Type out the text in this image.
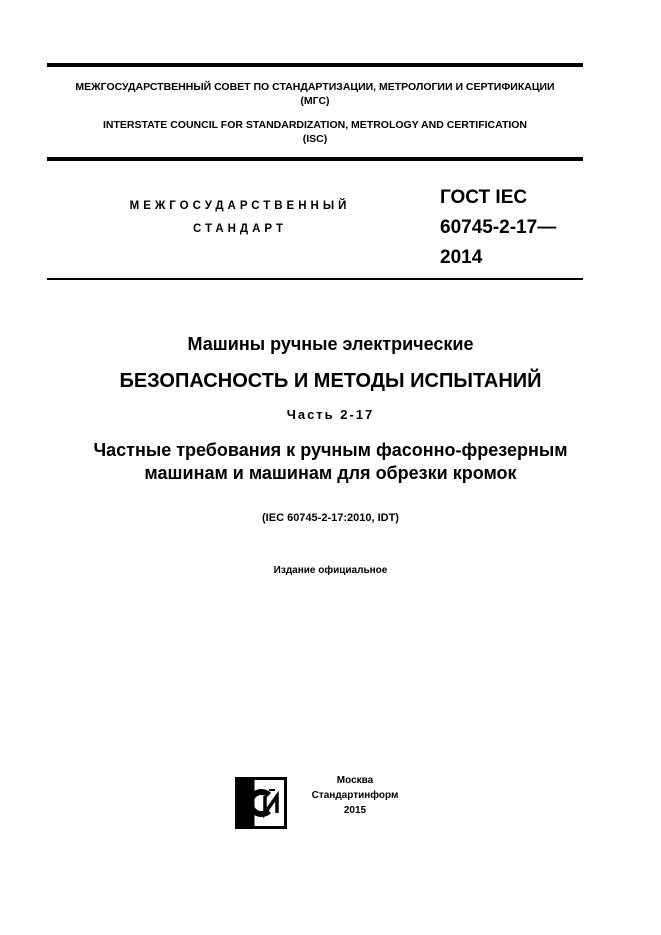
МЕЖГОСУДАРСТВЕННЫЙ СОВЕТ ПО СТАНДАРТИЗАЦИИ, МЕТРОЛОГИИ И СЕРТИФИКАЦИИ
(МГС)
INTERSTATE COUNCIL FOR STANDARDIZATION, METROLOGY AND CERTIFICATION
(ISC)
МЕЖГОСУДАРСТВЕННЫЙ
СТАНДАРТ
ГОСТ IEC
60745-2-17—
2014
Машины ручные электрические
БЕЗОПАСНОСТЬ И МЕТОДЫ ИСПЫТАНИЙ
Часть 2-17
Частные требования к ручным фасонно-фрезерным
машинам и машинам для обрезки кромок
(IEC 60745-2-17:2010, IDT)
Издание официальное
Москва
Стандартинформ
2015
